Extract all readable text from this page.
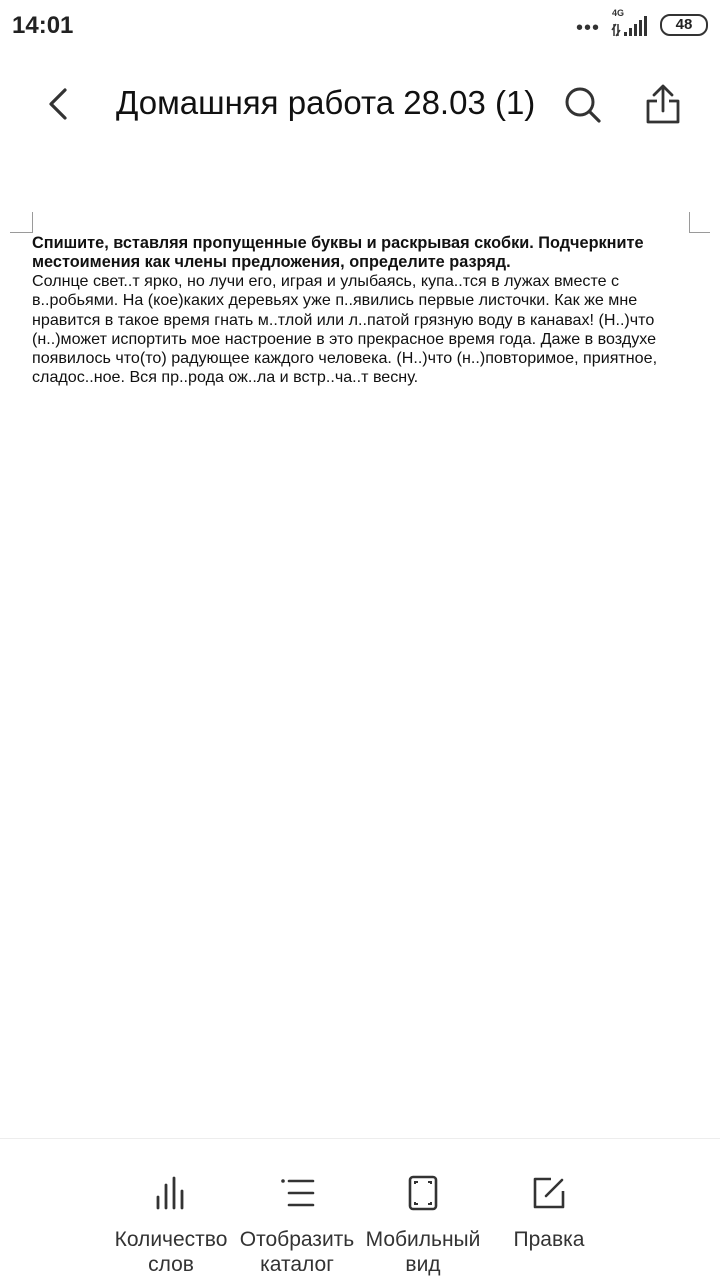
14:01	•••
4G
48
Домашняя работа 28.03 (1)

Спишите, вставляя пропущенные буквы и раскрывая скобки. Подчеркните местоимения как члены предложения, определите разряд.

Солнце свет..т ярко, но лучи его, играя и улыбаясь, купа..тся в лужах вместе с в..робьями. На (кое)каких деревьях уже п..явились первые листочки. Как же мне нравится в такое время гнать м..тлой или л..патой грязную воду в канавах! (Н..)что (н..)может испортить мое настроение в это прекрасное время года. Даже в воздухе появилось что(то) радующее каждого человека. (Н..)что (н..)повторимое, приятное, сладос..ное. Вся пр..рода ож..ла и встр..ча..т весну.

Количество
слов
Отобразить
каталог
Мобильный
вид
Правка
